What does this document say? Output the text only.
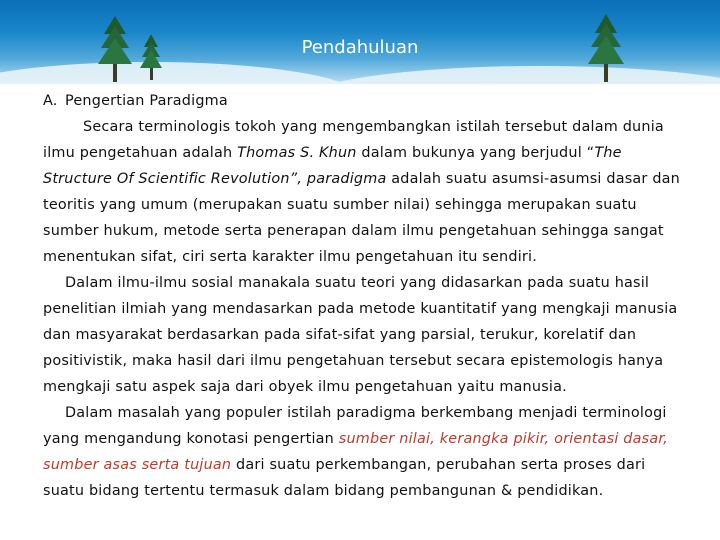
Pendahuluan
A. Pengertian Paradigma
Secara terminologis tokoh yang mengembangkan istilah tersebut dalam dunia
ilmu pengetahuan adalah Thomas S. Khun dalam bukunya yang berjudul “The
Structure Of Scientific Revolution”, paradigma adalah suatu asumsi-asumsi dasar dan
teoritis yang umum (merupakan suatu sumber nilai) sehingga merupakan suatu
sumber hukum, metode serta penerapan dalam ilmu pengetahuan sehingga sangat
menentukan sifat, ciri serta karakter ilmu pengetahuan itu sendiri.
Dalam ilmu-ilmu sosial manakala suatu teori yang didasarkan pada suatu hasil
penelitian ilmiah yang mendasarkan pada metode kuantitatif yang mengkaji manusia
dan masyarakat berdasarkan pada sifat-sifat yang parsial, terukur, korelatif dan
positivistik, maka hasil dari ilmu pengetahuan tersebut secara epistemologis hanya
mengkaji satu aspek saja dari obyek ilmu pengetahuan yaitu manusia.
Dalam masalah yang populer istilah paradigma berkembang menjadi terminologi
yang mengandung konotasi pengertian sumber nilai, kerangka pikir, orientasi dasar,
sumber asas serta tujuan dari suatu perkembangan, perubahan serta proses dari
suatu bidang tertentu termasuk dalam bidang pembangunan & pendidikan.
